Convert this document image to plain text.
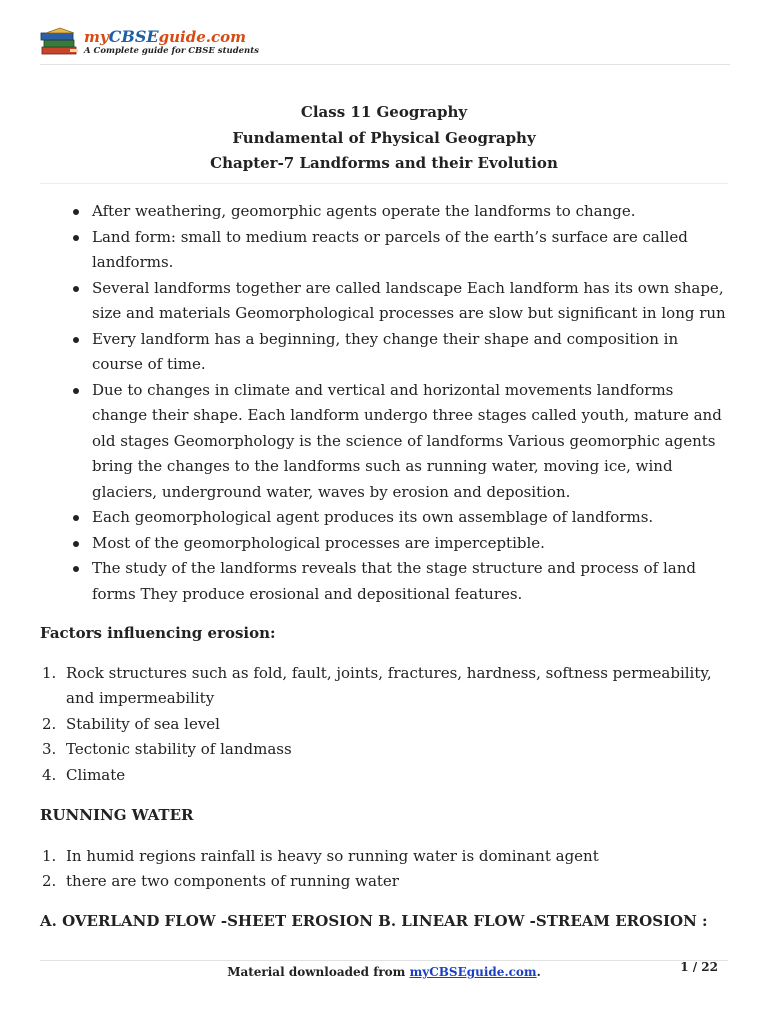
myCBSEguide.com
A Complete guide for CBSE students
Class 11 Geography
Fundamental of Physical Geography
Chapter-7 Landforms and their Evolution
After weathering, geomorphic agents operate the landforms to change.
Land form: small to medium reacts or parcels of the earth’s surface are called landforms.
Several landforms together are called landscape Each landform has its own shape, size and materials Geomorphological processes are slow but significant in long run
Every landform has a beginning, they change their shape and composition in course of time.
Due to changes in climate and vertical and horizontal movements landforms change their shape. Each landform undergo three stages called youth, mature and old stages Geomorphology is the science of landforms Various geomorphic agents bring the changes to the landforms such as running water, moving ice, wind glaciers, underground water, waves by erosion and deposition.
Each geomorphological agent produces its own assemblage of landforms.
Most of the geomorphological processes are imperceptible.
The study of the landforms reveals that the stage structure and process of land forms They produce erosional and depositional features.
Factors influencing erosion:
1. Rock structures such as fold, fault, joints, fractures, hardness, softness permeability, and impermeability
2. Stability of sea level
3. Tectonic stability of landmass
4. Climate
RUNNING WATER
1. In humid regions rainfall is heavy so running water is dominant agent
2. there are two components of running water
A. OVERLAND FLOW -SHEET EROSION B. LINEAR FLOW -STREAM EROSION :
Material downloaded from myCBSEguide.com.	1 / 22
